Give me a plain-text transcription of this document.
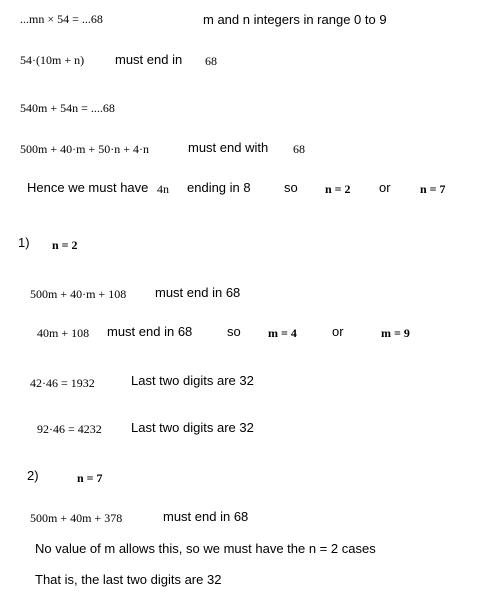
...mn × 54 = ...68	m and n integers in range 0 to 9
54·(10m + n) must end in 68
540m + 54n = ....68
500m + 40·m + 50·n + 4·n	must end with 68
Hence we must have 4n ending in 8	so n = 2 or n = 7
1) n = 2
500m + 40·m + 108 must end in 68
40m + 108 must end in 68	so m = 4	or	m = 9
42·46 = 1932	Last two digits are 32
92·46 = 4232 Last two digits are 32
2)	n = 7
500m + 40m + 378	must end in 68
No value of m allows this, so we must have the n = 2 cases
That is, the last two digits are 32
